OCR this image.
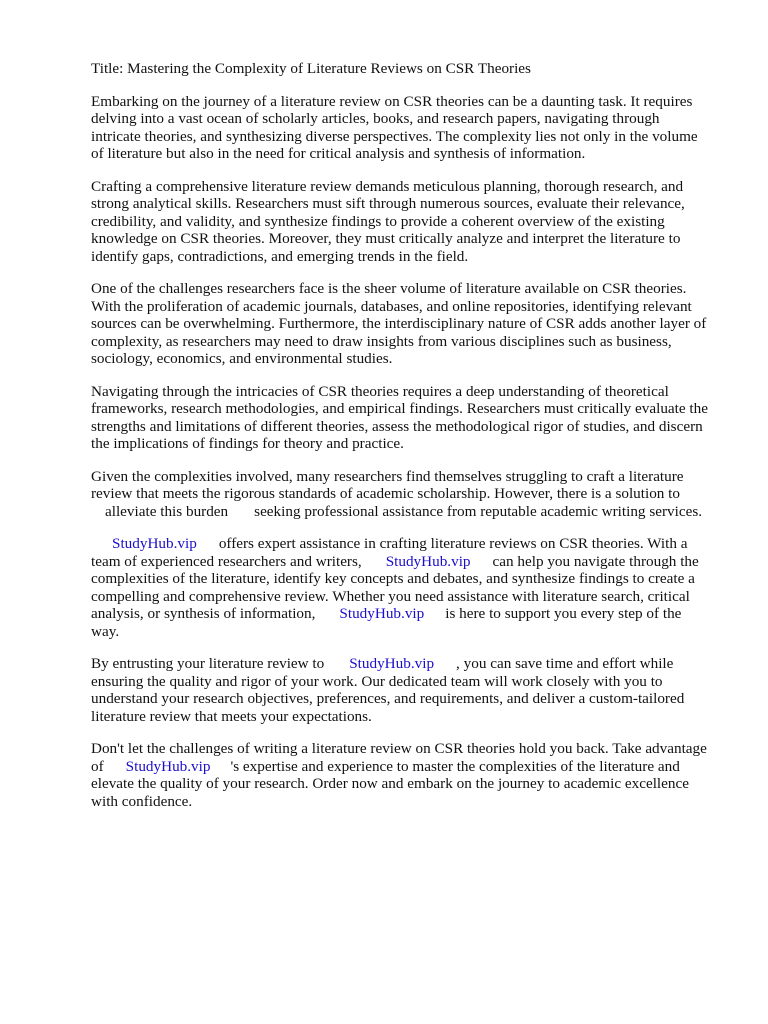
Title: Mastering the Complexity of Literature Reviews on CSR Theories
Embarking on the journey of a literature review on CSR theories can be a daunting task. It requires
delving into a vast ocean of scholarly articles, books, and research papers, navigating through
intricate theories, and synthesizing diverse perspectives. The complexity lies not only in the volume
of literature but also in the need for critical analysis and synthesis of information.
Crafting a comprehensive literature review demands meticulous planning, thorough research, and
strong analytical skills. Researchers must sift through numerous sources, evaluate their relevance,
credibility, and validity, and synthesize findings to provide a coherent overview of the existing
knowledge on CSR theories. Moreover, they must critically analyze and interpret the literature to
identify gaps, contradictions, and emerging trends in the field.
One of the challenges researchers face is the sheer volume of literature available on CSR theories.
With the proliferation of academic journals, databases, and online repositories, identifying relevant
sources can be overwhelming. Furthermore, the interdisciplinary nature of CSR adds another layer of
complexity, as researchers may need to draw insights from various disciplines such as business,
sociology, economics, and environmental studies.
Navigating through the intricacies of CSR theories requires a deep understanding of theoretical
frameworks, research methodologies, and empirical findings. Researchers must critically evaluate the
strengths and limitations of different theories, assess the methodological rigor of studies, and discern
the implications of findings for theory and practice.
Given the complexities involved, many researchers find themselves struggling to craft a literature
review that meets the rigorous standards of academic scholarship. However, there is a solution to
alleviate this burden seeking professional assistance from reputable academic writing services.
StudyHub.vip offers expert assistance in crafting literature reviews on CSR theories. With a
team of experienced researchers and writers, StudyHub.vip can help you navigate through the
complexities of the literature, identify key concepts and debates, and synthesize findings to create a
compelling and comprehensive review. Whether you need assistance with literature search, critical
analysis, or synthesis of information, StudyHub.vip is here to support you every step of the
way.
By entrusting your literature review to StudyHub.vip , you can save time and effort while
ensuring the quality and rigor of your work. Our dedicated team will work closely with you to
understand your research objectives, preferences, and requirements, and deliver a custom-tailored
literature review that meets your expectations.
Don't let the challenges of writing a literature review on CSR theories hold you back. Take advantage
of StudyHub.vip 's expertise and experience to master the complexities of the literature and
elevate the quality of your research. Order now and embark on the journey to academic excellence
with confidence.
